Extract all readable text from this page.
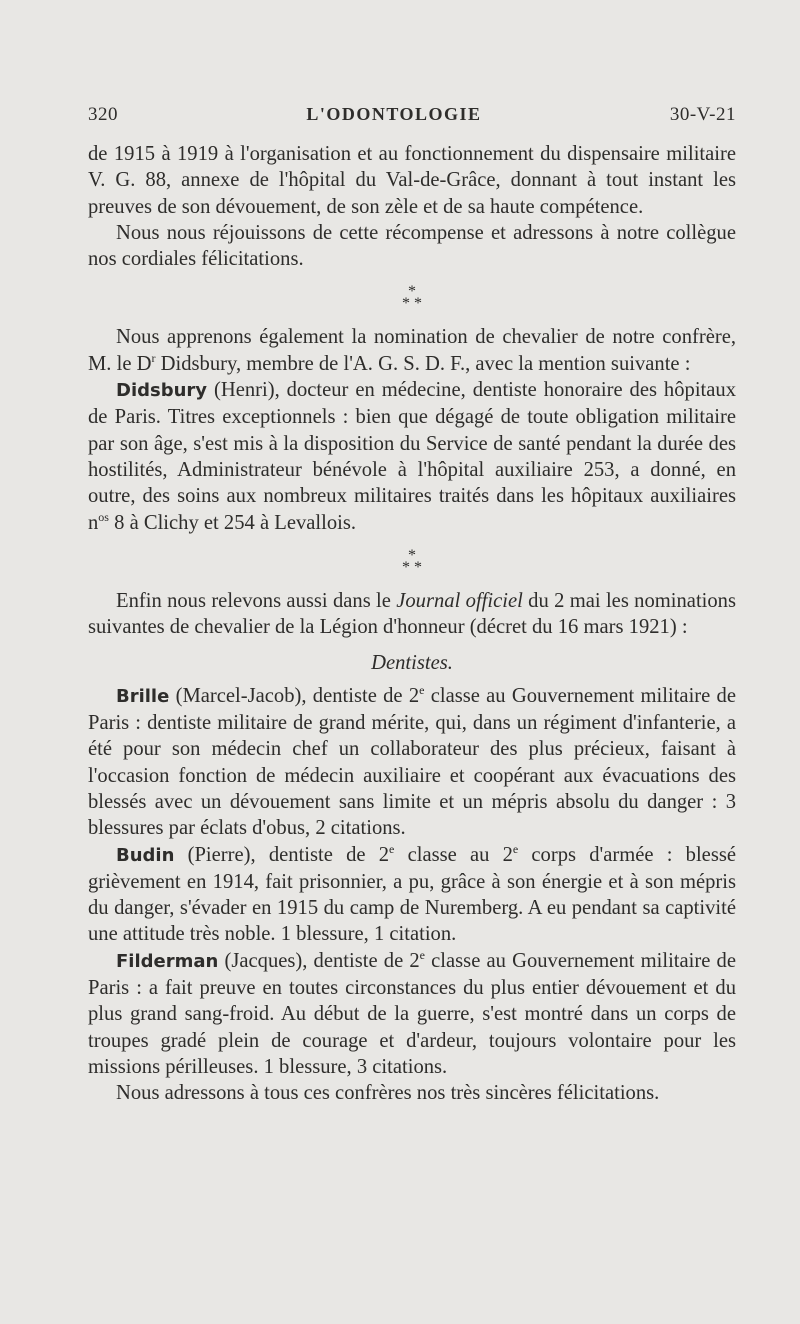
320	L'ODONTOLOGIE	30-V-21

de 1915 à 1919 à l'organisation et au fonctionnement du dispensaire militaire V. G. 88, annexe de l'hôpital du Val-de-Grâce, donnant à tout instant les preuves de son dévouement, de son zèle et de sa haute compétence.

Nous nous réjouissons de cette récompense et adressons à notre collègue nos cordiales félicitations.

*
* *

Nous apprenons également la nomination de chevalier de notre confrère, M. le $D^r$ Didsbury, membre de l'A. G. S. D. F., avec la mention suivante :

Didsbury (Henri), docteur en médecine, dentiste honoraire des hôpitaux de Paris. Titres exceptionnels : bien que dégagé de toute obligation militaire par son âge, s'est mis à la disposition du Service de santé pendant la durée des hostilités, Administrateur bénévole à l'hôpital auxiliaire 253, a donné, en outre, des soins aux nombreux militaires traités dans les hôpitaux auxiliaires $n^{os}$ 8 à Clichy et 254 à Levallois.

*
* *

Enfin nous relevons aussi dans le Journal officiel du 2 mai les nominations suivantes de chevalier de la Légion d'honneur (décret du 16 mars 1921) :

Dentistes.

Brille (Marcel-Jacob), dentiste de 2e classe au Gouvernement militaire de Paris : dentiste militaire de grand mérite, qui, dans un régiment d'infanterie, a été pour son médecin chef un collaborateur des plus précieux, faisant à l'occasion fonction de médecin auxiliaire et coopérant aux évacuations des blessés avec un dévouement sans limite et un mépris absolu du danger : 3 blessures par éclats d'obus, 2 citations.

Budin (Pierre), dentiste de 2e classe au 2e corps d'armée : blessé grièvement en 1914, fait prisonnier, a pu, grâce à son énergie et à son mépris du danger, s'évader en 1915 du camp de Nuremberg. A eu pendant sa captivité une attitude très noble. 1 blessure, 1 citation.

Filderman (Jacques), dentiste de 2e classe au Gouvernement militaire de Paris : a fait preuve en toutes circonstances du plus entier dévouement et du plus grand sang-froid. Au début de la guerre, s'est montré dans un corps de troupes gradé plein de courage et d'ardeur, toujours volontaire pour les missions périlleuses. 1 blessure, 3 citations.

Nous adressons à tous ces confrères nos très sincères félicitations.
